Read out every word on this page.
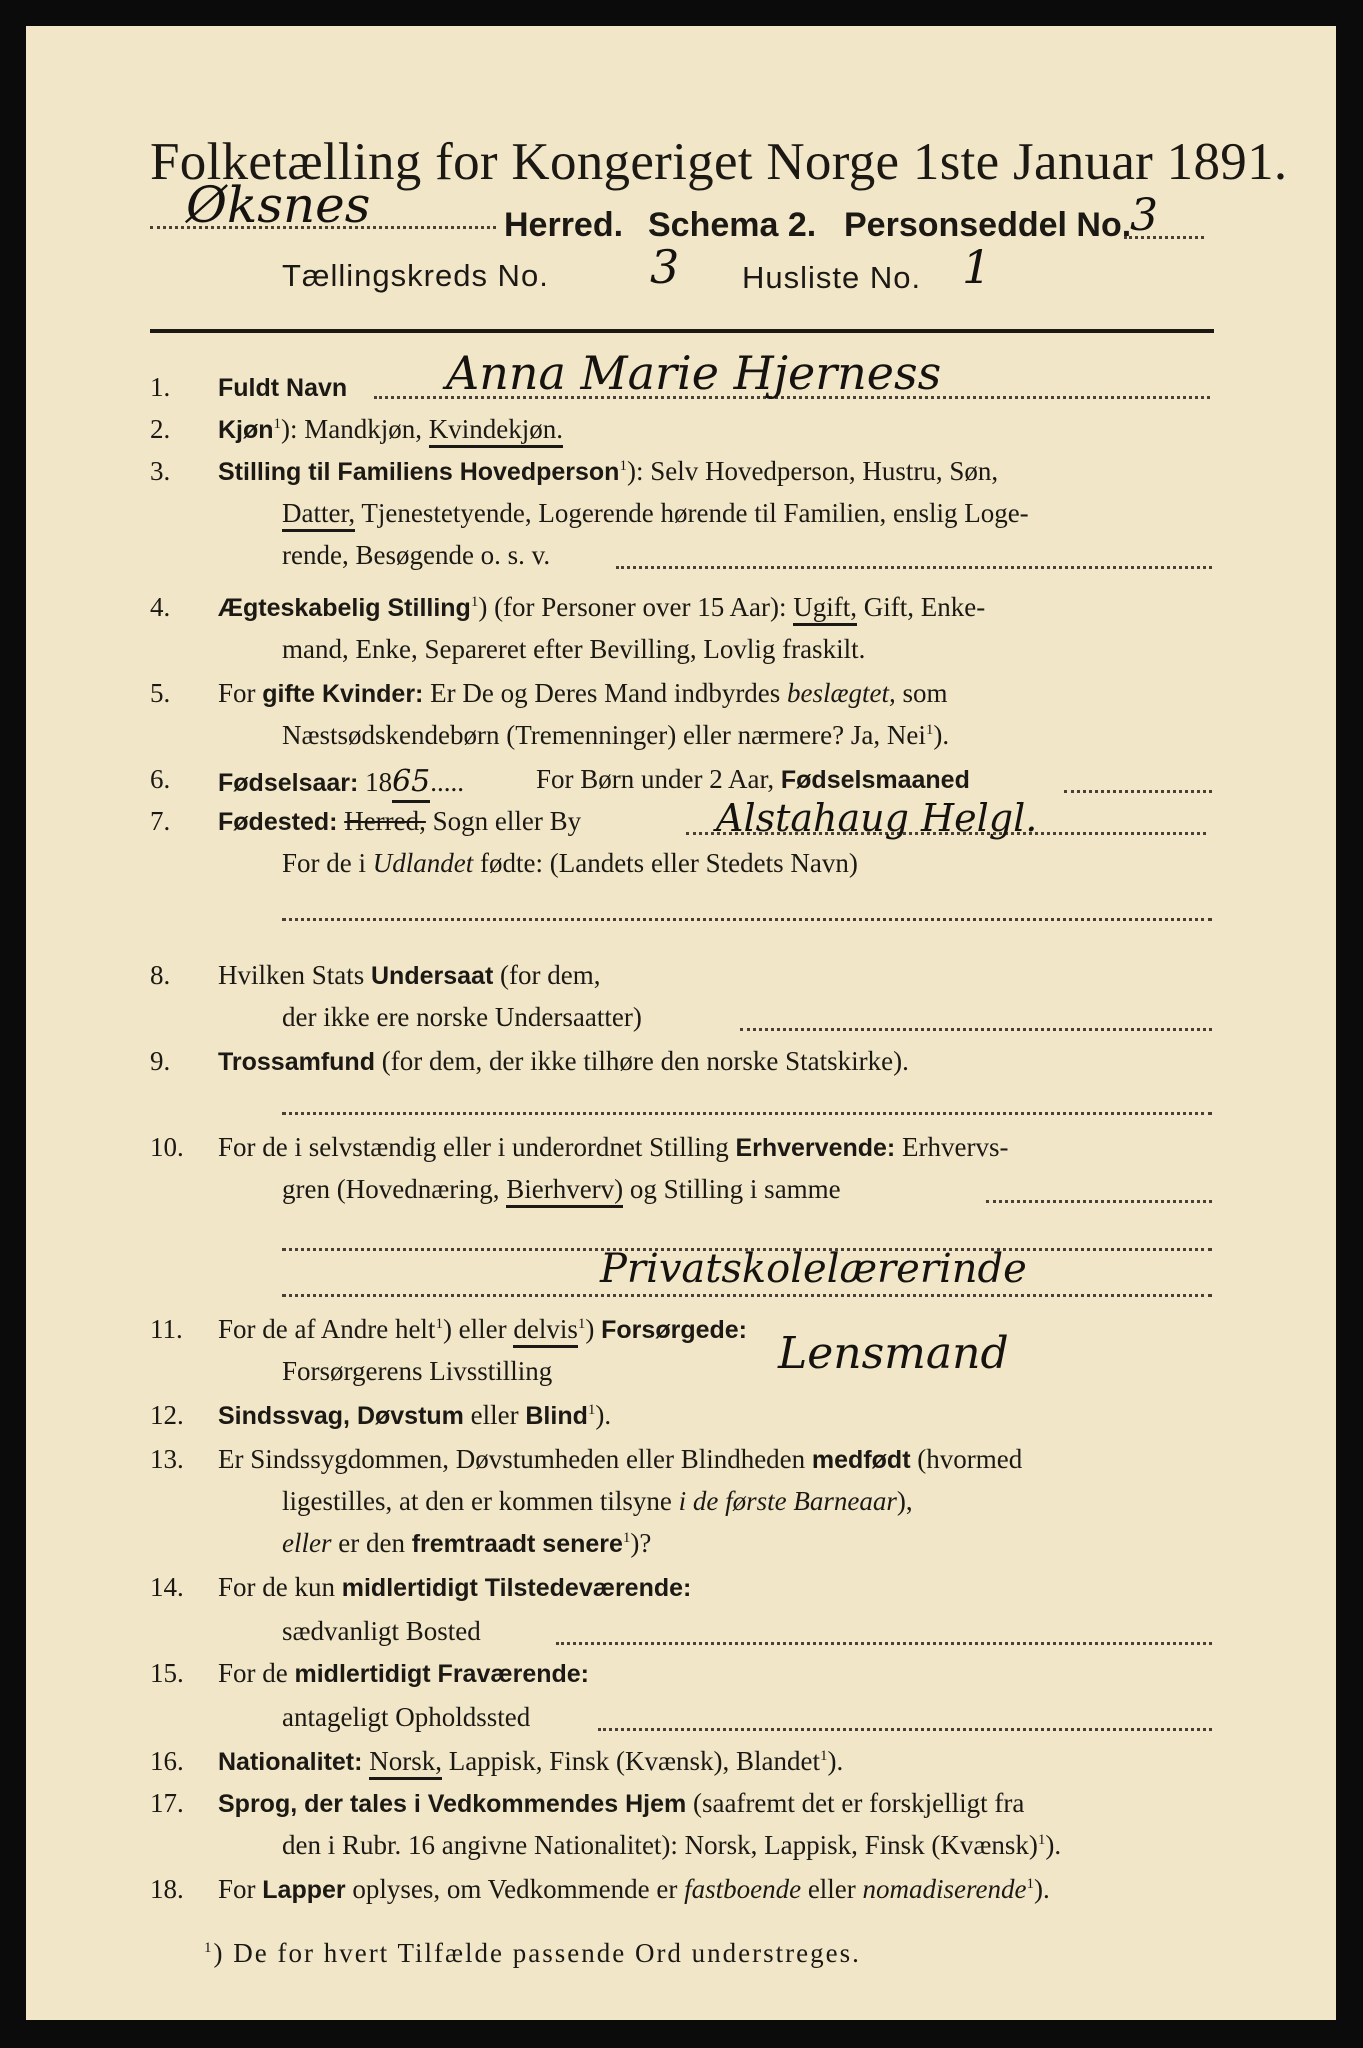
Folketælling for Kongeriget Norge 1ste Januar 1891.
Øksnes	Herred. Schema 2. Personseddel No.
3
Tællingskreds No. 3 Husliste No. 1
1.	Fuldt Navn Anna Marie Hjerness
2.	Kjøn$^1$): Mandkjøn, Kvindekjøn.
3.	Stilling til Familiens Hovedperson$^1$): Selv Hovedperson, Hustru, Søn,
Datter, Tjenestetyende, Logerende hørende til Familien, enslig Loge-
rende, Besøgende o. s. v.
4.	Ægteskabelig Stilling$^1$) (for Personer over 15 Aar): Ugift, Gift, Enke-
mand, Enke, Separeret efter Bevilling, Lovlig fraskilt.
5.	For gifte Kvinder: Er De og Deres Mand indbyrdes beslægtet, som
Næstsødskendebørn (Tremenninger) eller nærmere? Ja, Nei$^1$).
6.	Fødselsaar: 1865.....	For Børn under 2 Aar, Fødselsmaaned
7.	Fødested: Herred, Sogn eller By	Alstahaug Helgl.
For de i Udlandet fødte: (Landets eller Stedets Navn)
8.	Hvilken Stats Undersaat (for dem,
der ikke ere norske Undersaatter)
9.	Trossamfund (for dem, der ikke tilhøre den norske Statskirke).
10.	For de i selvstændig eller i underordnet Stilling Erhvervende: Erhvervs-
gren (Hovednæring, Bierhverv) og Stilling i samme
Privatskolelærerinde
11.	For de af Andre helt$^1$) eller delvis$^1$) Forsørgede:
Forsørgerens Livsstilling	Lensmand
12.	Sindssvag, Døvstum eller Blind$^1$).
13.	Er Sindssygdommen, Døvstumheden eller Blindheden medfødt (hvormed
ligestilles, at den er kommen tilsyne i de første Barneaar),
eller er den fremtraadt senere$^1$)?
14.	For de kun midlertidigt Tilstedeværende:
sædvanligt Bosted
15.	For de midlertidigt Fraværende:
antageligt Opholdssted
16.	Nationalitet: Norsk, Lappisk, Finsk (Kvænsk), Blandet$^1$).
17.	Sprog, der tales i Vedkommendes Hjem (saafremt det er forskjelligt fra
den i Rubr. 16 angivne Nationalitet): Norsk, Lappisk, Finsk (Kvænsk)$^1$).
18.	For Lapper oplyses, om Vedkommende er fastboende eller nomadiserende$^1$).
$^1$) De for hvert Tilfælde passende Ord understreges.
